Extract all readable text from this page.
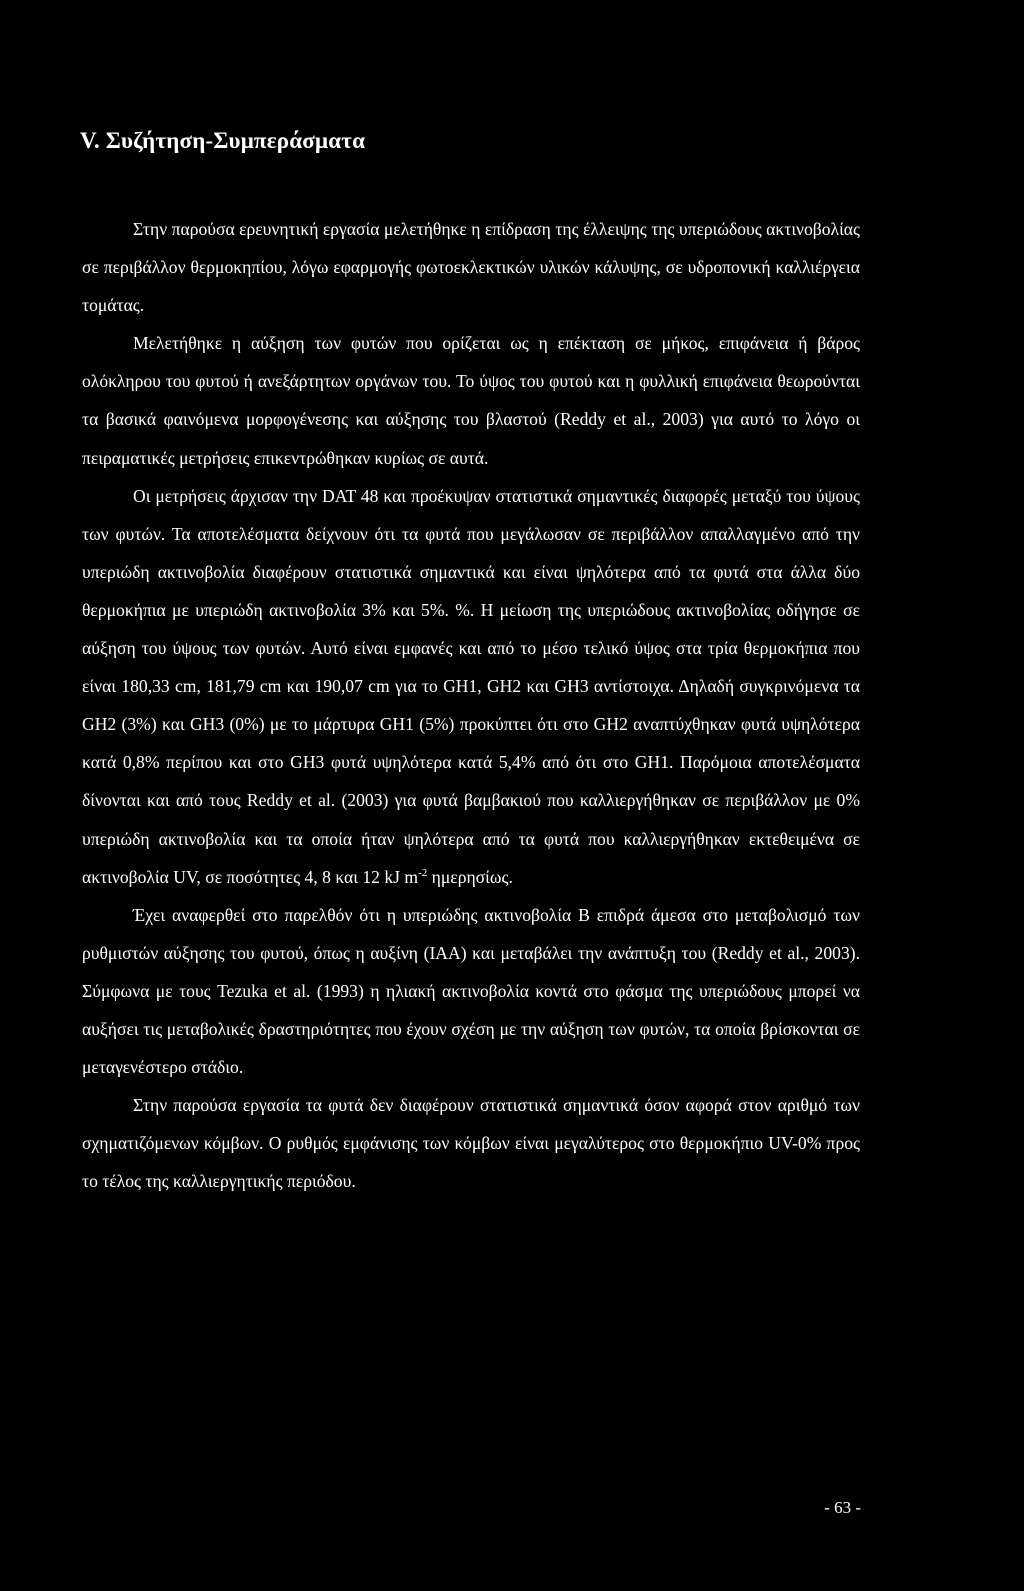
V. Συζήτηση-Συμπεράσματα

Στην παρούσα ερευνητική εργασία μελετήθηκε η επίδραση της έλλειψης της υπεριώδους ακτινοβολίας σε περιβάλλον θερμοκηπίου, λόγω εφαρμογής φωτοεκλεκτικών υλικών κάλυψης, σε υδροπονική καλλιέργεια τομάτας.

Μελετήθηκε η αύξηση των φυτών που ορίζεται ως η επέκταση σε μήκος, επιφάνεια ή βάρος ολόκληρου του φυτού ή ανεξάρτητων οργάνων του. Το ύψος του φυτού και η φυλλική επιφάνεια θεωρούνται τα βασικά φαινόμενα μορφογένεσης και αύξησης του βλαστού (Reddy et al., 2003) για αυτό το λόγο οι πειραματικές μετρήσεις επικεντρώθηκαν κυρίως σε αυτά.

Οι μετρήσεις άρχισαν την DAT 48 και προέκυψαν στατιστικά σημαντικές διαφορές μεταξύ του ύψους των φυτών. Τα αποτελέσματα δείχνουν ότι τα φυτά που μεγάλωσαν σε περιβάλλον απαλλαγμένο από την υπεριώδη ακτινοβολία διαφέρουν στατιστικά σημαντικά και είναι ψηλότερα από τα φυτά στα άλλα δύο θερμοκήπια με υπεριώδη ακτινοβολία 3% και 5%. %. Η μείωση της υπεριώδους ακτινοβολίας οδήγησε σε αύξηση του ύψους των φυτών. Αυτό είναι εμφανές και από το μέσο τελικό ύψος στα τρία θερμοκήπια που είναι 180,33 cm, 181,79 cm και 190,07 cm για το GH1, GH2 και GH3 αντίστοιχα. Δηλαδή συγκρινόμενα τα GH2 (3%) και GH3 (0%) με το μάρτυρα GH1 (5%) προκύπτει ότι στο GH2 αναπτύχθηκαν φυτά υψηλότερα κατά 0,8% περίπου και στο GH3 φυτά υψηλότερα κατά 5,4% από ότι στο GH1. Παρόμοια αποτελέσματα δίνονται και από τους Reddy et al. (2003) για φυτά βαμβακιού που καλλιεργήθηκαν σε περιβάλλον με 0% υπεριώδη ακτινοβολία και τα οποία ήταν ψηλότερα από τα φυτά που καλλιεργήθηκαν εκτεθειμένα σε ακτινοβολία UV, σε ποσότητες 4, 8 και 12 kJ $m^{-2}$ ημερησίως.

Έχει αναφερθεί στο παρελθόν ότι η υπεριώδης ακτινοβολία Β επιδρά άμεσα στο μεταβολισμό των ρυθμιστών αύξησης του φυτού, όπως η αυξίνη (IAA) και μεταβάλει την ανάπτυξη του (Reddy et al., 2003). Σύμφωνα με τους Tezuka et al. (1993) η ηλιακή ακτινοβολία κοντά στο φάσμα της υπεριώδους μπορεί να αυξήσει τις μεταβολικές δραστηριότητες που έχουν σχέση με την αύξηση των φυτών, τα οποία βρίσκονται σε μεταγενέστερο στάδιο.

Στην παρούσα εργασία τα φυτά δεν διαφέρουν στατιστικά σημαντικά όσον αφορά στον αριθμό των σχηματιζόμενων κόμβων. Ο ρυθμός εμφάνισης των κόμβων είναι μεγαλύτερος στο θερμοκήπιο UV-0% προς το τέλος της καλλιεργητικής περιόδου.

- 63 -
